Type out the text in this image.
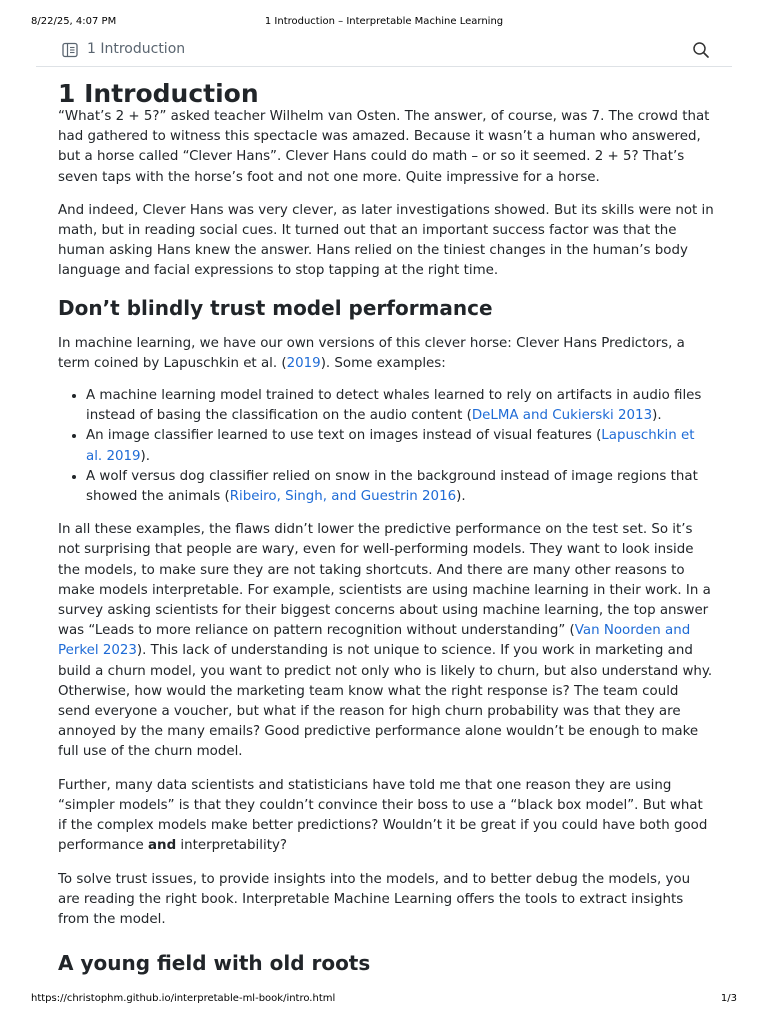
8/22/25, 4:07 PM	1 Introduction – Interpretable Machine Learning
1 Introduction
1 Introduction

“What’s 2 + 5?” asked teacher Wilhelm van Osten. The answer, of course, was 7. The crowd that had gathered to witness this spectacle was amazed. Because it wasn’t a human who answered, but a horse called “Clever Hans”. Clever Hans could do math – or so it seemed. 2 + 5? That’s seven taps with the horse’s foot and not one more. Quite impressive for a horse.

And indeed, Clever Hans was very clever, as later investigations showed. But its skills were not in math, but in reading social cues. It turned out that an important success factor was that the human asking Hans knew the answer. Hans relied on the tiniest changes in the human’s body language and facial expressions to stop tapping at the right time.

Don’t blindly trust model performance

In machine learning, we have our own versions of this clever horse: Clever Hans Predictors, a term coined by Lapuschkin et al. (2019). Some examples:

• A machine learning model trained to detect whales learned to rely on artifacts in audio files instead of basing the classification on the audio content (DeLMA and Cukierski 2013).
• An image classifier learned to use text on images instead of visual features (Lapuschkin et al. 2019).
• A wolf versus dog classifier relied on snow in the background instead of image regions that showed the animals (Ribeiro, Singh, and Guestrin 2016).

In all these examples, the flaws didn’t lower the predictive performance on the test set. So it’s not surprising that people are wary, even for well-performing models. They want to look inside the models, to make sure they are not taking shortcuts. And there are many other reasons to make models interpretable. For example, scientists are using machine learning in their work. In a survey asking scientists for their biggest concerns about using machine learning, the top answer was “Leads to more reliance on pattern recognition without understanding” (Van Noorden and Perkel 2023). This lack of understanding is not unique to science. If you work in marketing and build a churn model, you want to predict not only who is likely to churn, but also understand why. Otherwise, how would the marketing team know what the right response is? The team could send everyone a voucher, but what if the reason for high churn probability was that they are annoyed by the many emails? Good predictive performance alone wouldn’t be enough to make full use of the churn model.

Further, many data scientists and statisticians have told me that one reason they are using “simpler models” is that they couldn’t convince their boss to use a “black box model”. But what if the complex models make better predictions? Wouldn’t it be great if you could have both good performance and interpretability?

To solve trust issues, to provide insights into the models, and to better debug the models, you are reading the right book. Interpretable Machine Learning offers the tools to extract insights from the model.

A young field with old roots
https://christophm.github.io/interpretable-ml-book/intro.html	1/3
